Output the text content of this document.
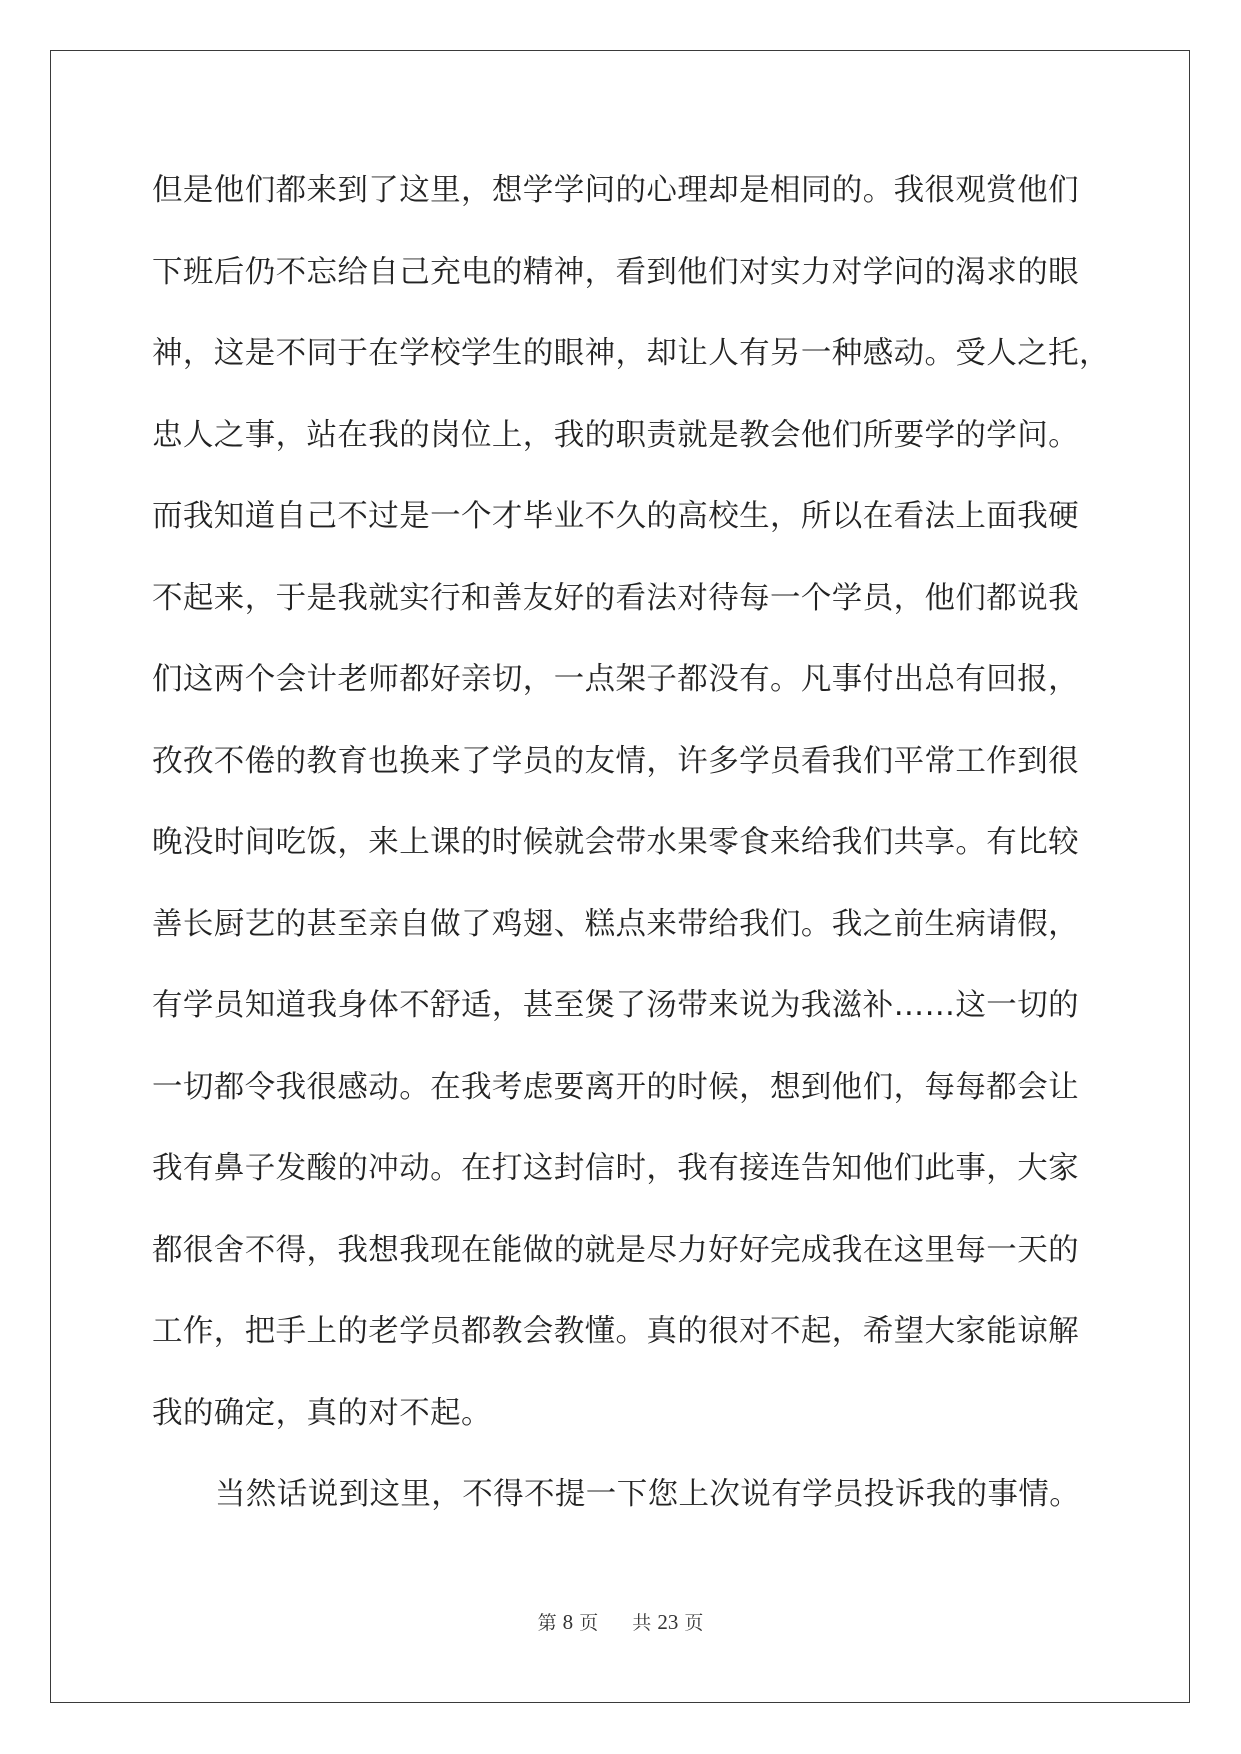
但是他们都来到了这里，想学学问的心理却是相同的。我很观赏他们
下班后仍不忘给自己充电的精神，看到他们对实力对学问的渴求的眼
神，这是不同于在学校学生的眼神，却让人有另一种感动。受人之托，
忠人之事，站在我的岗位上，我的职责就是教会他们所要学的学问。
而我知道自己不过是一个才毕业不久的高校生，所以在看法上面我硬
不起来，于是我就实行和善友好的看法对待每一个学员，他们都说我
们这两个会计老师都好亲切，一点架子都没有。凡事付出总有回报，
孜孜不倦的教育也换来了学员的友情，许多学员看我们平常工作到很
晚没时间吃饭，来上课的时候就会带水果零食来给我们共享。有比较
善长厨艺的甚至亲自做了鸡翅、糕点来带给我们。我之前生病请假，
有学员知道我身体不舒适，甚至煲了汤带来说为我滋补……这一切的
一切都令我很感动。在我考虑要离开的时候，想到他们，每每都会让
我有鼻子发酸的冲动。在打这封信时，我有接连告知他们此事，大家
都很舍不得，我想我现在能做的就是尽力好好完成我在这里每一天的
工作，把手上的老学员都教会教懂。真的很对不起，希望大家能谅解
我的确定，真的对不起。
当然话说到这里，不得不提一下您上次说有学员投诉我的事情。
第 8 页 共 23 页
